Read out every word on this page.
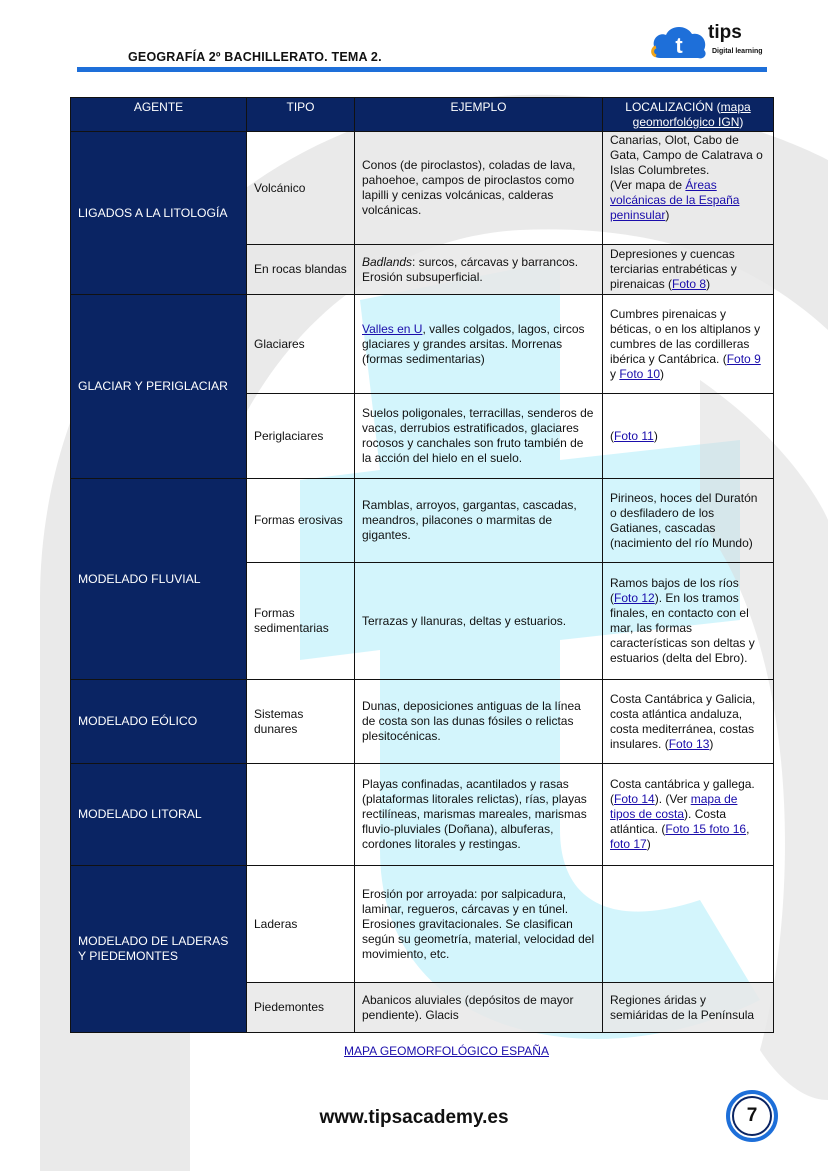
GEOGRAFÍA 2º BACHILLERATO. TEMA 2.	t
tips
Digital learning
AGENTE	TIPO	EJEMPLO	LOCALIZACIÓN (mapa geomorfológico IGN)
LIGADOS A LA LITOLOGÍA	Volcánico	Conos (de piroclastos), coladas de lava, pahoehoe, campos de piroclastos como lapilli y cenizas volcánicas, calderas volcánicas.	Canarias, Olot, Cabo de Gata, Campo de Calatrava o Islas Columbretes.
(Ver mapa de Áreas volcánicas de la España peninsular)
	En rocas blandas	Badlands: surcos, cárcavas y barrancos. Erosión subsuperficial.	Depresiones y cuencas terciarias entrabéticas y pirenaicas (Foto 8)
GLACIAR Y PERIGLACIAR	Glaciares	Valles en U, valles colgados, lagos, circos glaciares y grandes arsitas. Morrenas (formas sedimentarias)	Cumbres pirenaicas y béticas, o en los altiplanos y cumbres de las cordilleras ibérica y Cantábrica. (Foto 9 y Foto 10)
	Periglaciares	Suelos poligonales, terracillas, senderos de vacas, derrubios estratificados, glaciares rocosos y canchales son fruto también de la acción del hielo en el suelo.	(Foto 11)
MODELADO FLUVIAL	Formas erosivas	Ramblas, arroyos, gargantas, cascadas, meandros, pilacones o marmitas de gigantes.	Pirineos, hoces del Duratón o desfiladero de los Gatianes, cascadas (nacimiento del río Mundo)
	Formas sedimentarias	Terrazas y llanuras, deltas y estuarios.	Ramos bajos de los ríos (Foto 12). En los tramos finales, en contacto con el mar, las formas características son deltas y estuarios (delta del Ebro).
MODELADO EÓLICO	Sistemas dunares	Dunas, deposiciones antiguas de la línea de costa son las dunas fósiles o relictas plesitocénicas.	Costa Cantábrica y Galicia, costa atlántica andaluza, costa mediterránea, costas insulares. (Foto 13)
MODELADO LITORAL		Playas confinadas, acantilados y rasas (plataformas litorales relictas), rías, playas rectilíneas, marismas mareales, marismas fluvio-pluviales (Doñana), albuferas, cordones litorales y restingas.	Costa cantábrica y gallega. (Foto 14). (Ver mapa de tipos de costa). Costa atlántica. (Foto 15 foto 16, foto 17)
MODELADO DE LADERAS Y PIEDEMONTES	Laderas	Erosión por arroyada: por salpicadura, laminar, regueros, cárcavas y en túnel. Erosiones gravitacionales. Se clasifican según su geometría, material, velocidad del movimiento, etc.	
	Piedemontes	Abanicos aluviales (depósitos de mayor pendiente). Glacis	Regiones áridas y semiáridas de la Península
MAPA GEOMORFOLÓGICO ESPAÑA
www.tipsacademy.es	7
